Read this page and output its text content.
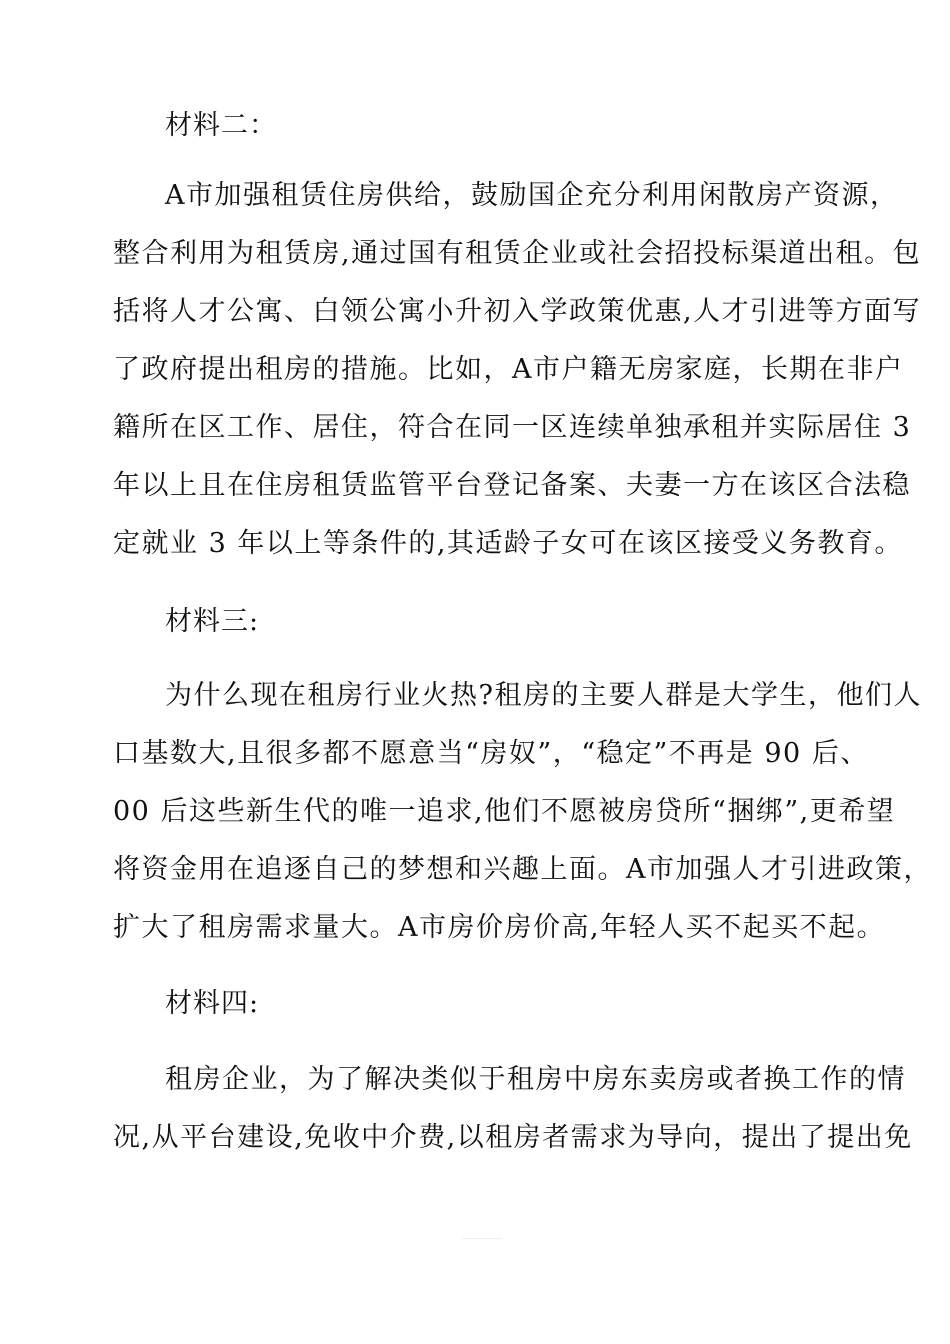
材料二：
A市加强租赁住房供给，鼓励国企充分利用闲散房产资源，
整合利用为租赁房,通过国有租赁企业或社会招投标渠道出租。包
括将人才公寓、白领公寓小升初入学政策优惠,人才引进等方面写
了政府提出租房的措施。比如，A市户籍无房家庭，长期在非户
籍所在区工作、居住，符合在同一区连续单独承租并实际居住 3
年以上且在住房租赁监管平台登记备案、夫妻一方在该区合法稳
定就业 3 年以上等条件的,其适龄子女可在该区接受义务教育。
材料三:
为什么现在租房行业火热?租房的主要人群是大学生，他们人
口基数大,且很多都不愿意当“房奴”，“稳定”不再是 90 后、
00 后这些新生代的唯一追求,他们不愿被房贷所“捆绑”,更希望
将资金用在追逐自己的梦想和兴趣上面。A市加强人才引进政策，
扩大了租房需求量大。A市房价房价高,年轻人买不起买不起。
材料四:
租房企业，为了解决类似于租房中房东卖房或者换工作的情
况,从平台建设,免收中介费,以租房者需求为导向，提出了提出免
